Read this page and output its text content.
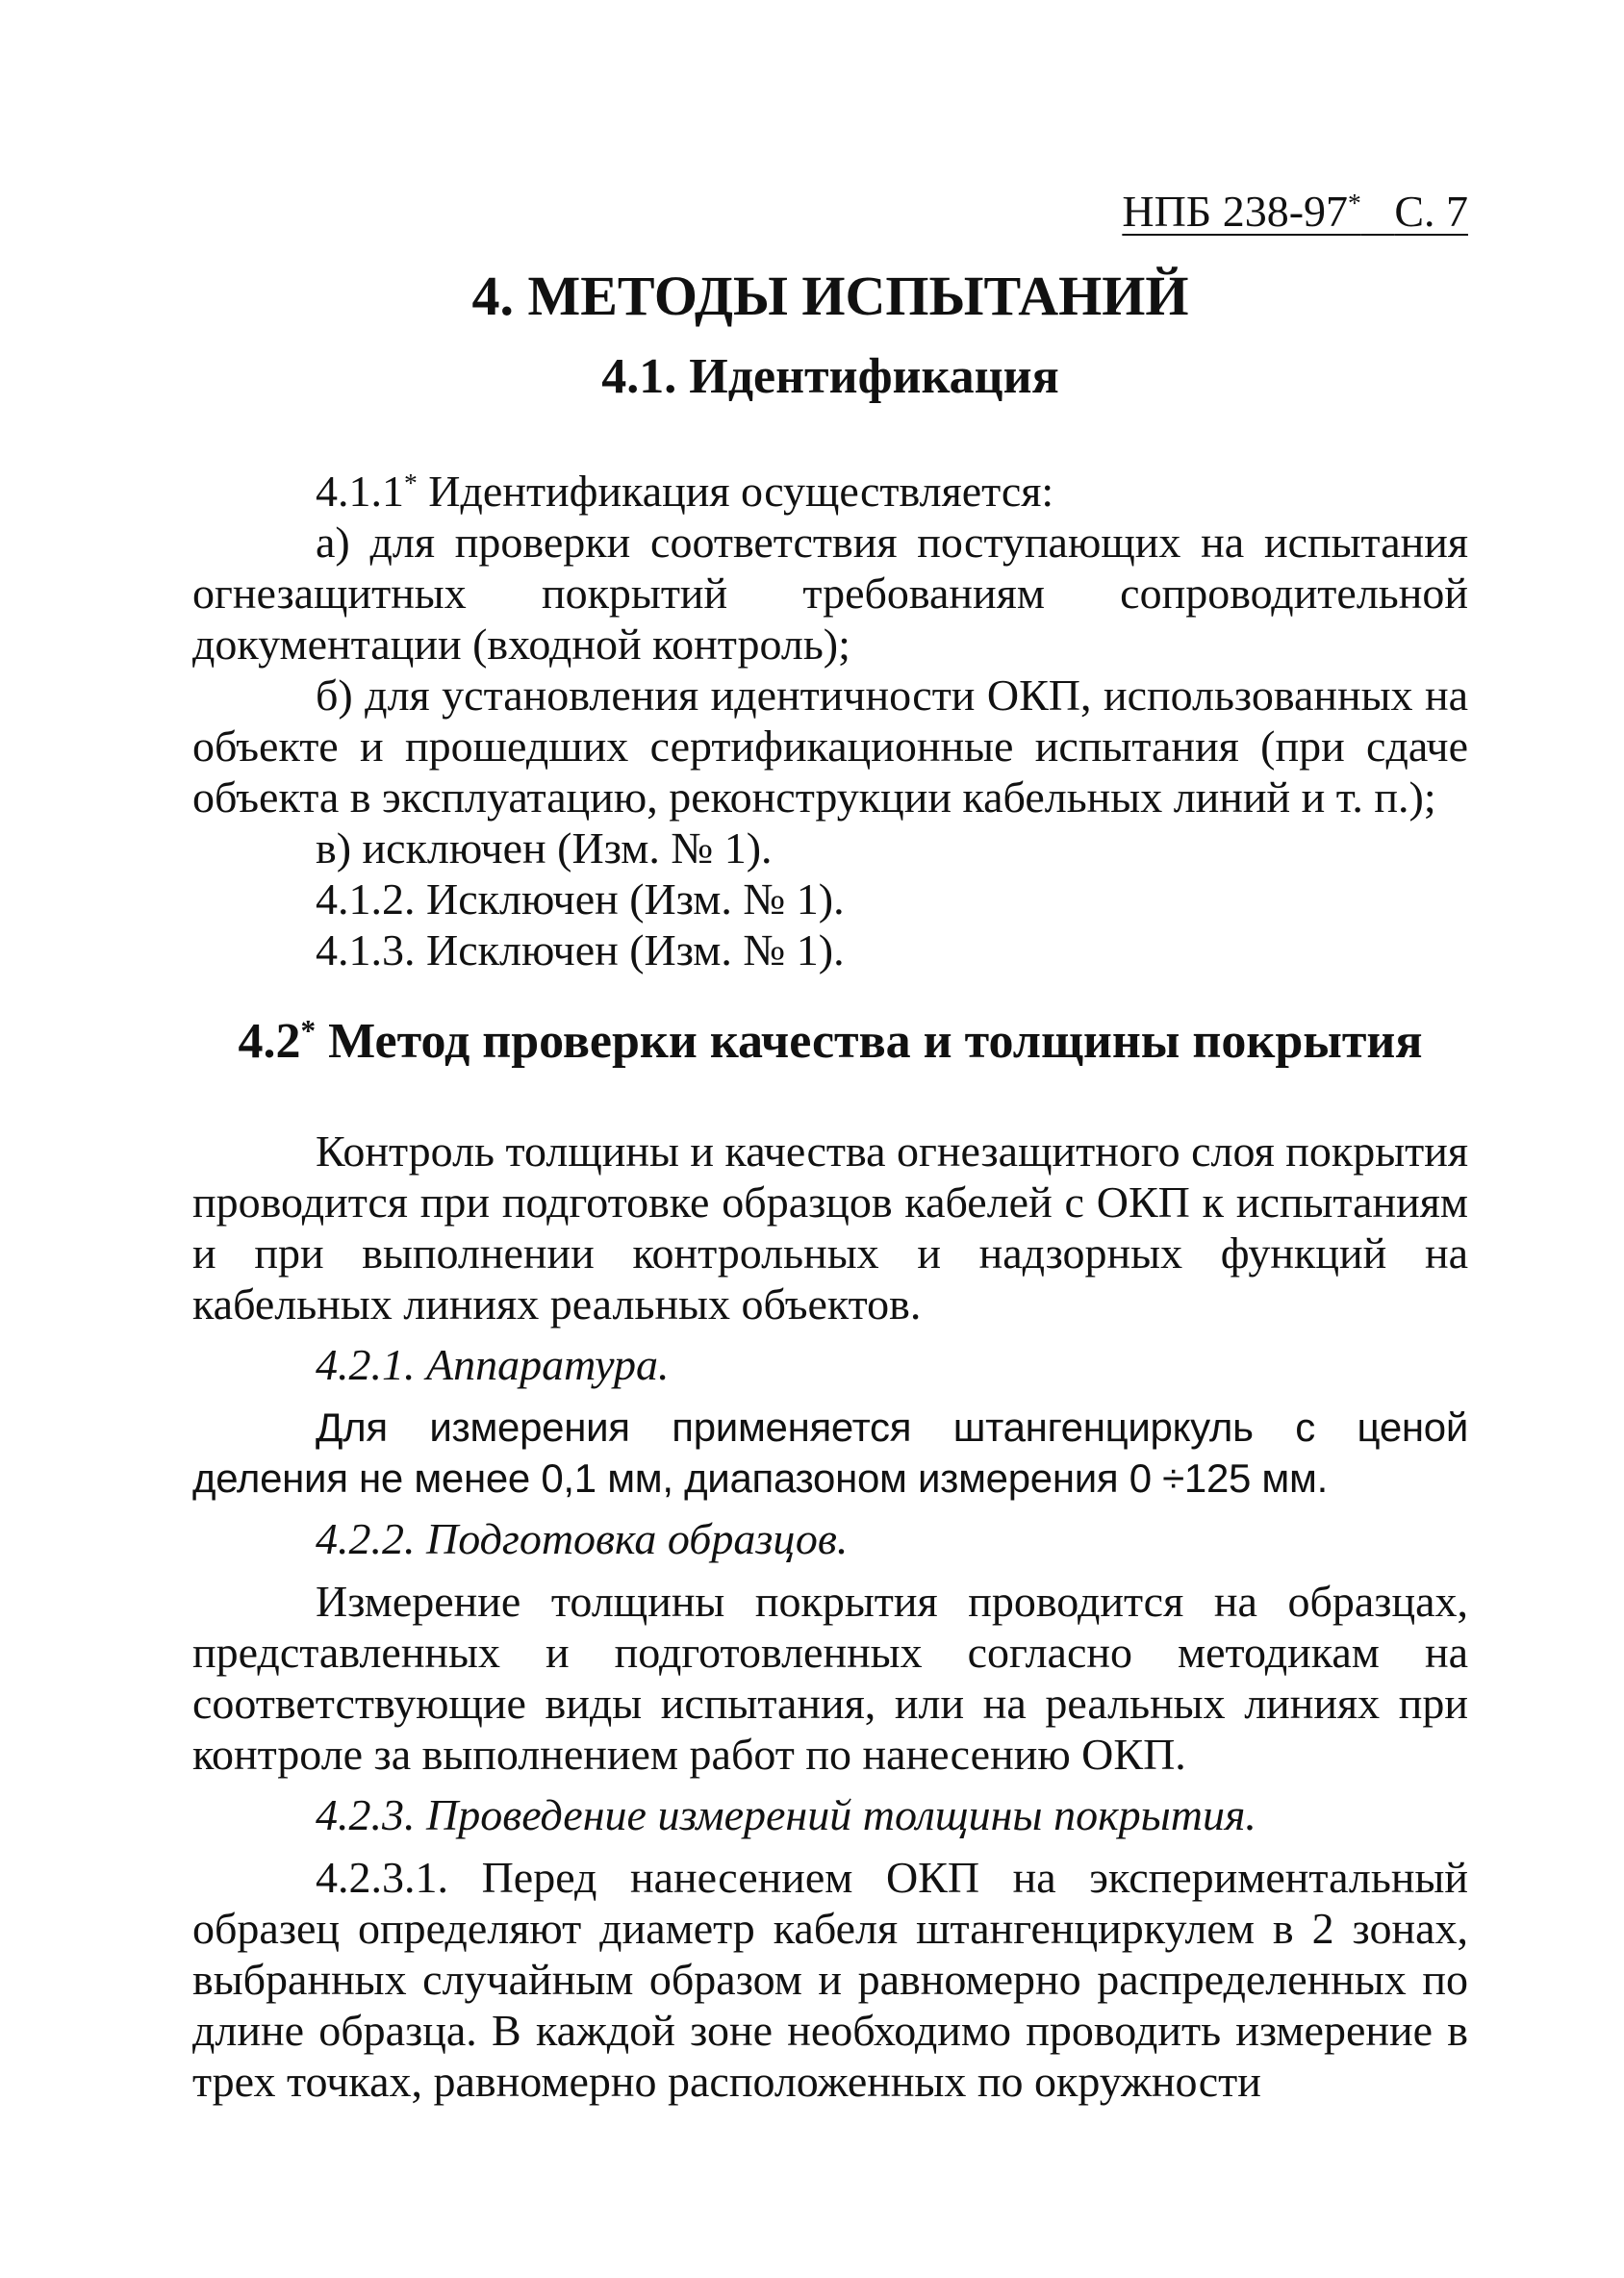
НПБ 238-97* С. 7
4. МЕТОДЫ ИСПЫТАНИЙ
4.1. Идентификация

4.1.1* Идентификация осуществляется:

а) для проверки соответствия поступающих на испытания огнезащитных покрытий требованиям сопроводительной документации (входной контроль);

б) для установления идентичности ОКП, использованных на объекте и прошедших сертификационные испытания (при сдаче объекта в эксплуатацию, реконструкции кабельных линий и т. п.);

в) исключен (Изм. № 1).

4.1.2. Исключен (Изм. № 1).

4.1.3. Исключен (Изм. № 1).

4.2* Метод проверки качества и толщины покрытия

Контроль толщины и качества огнезащитного слоя покрытия проводится при подготовке образцов кабелей с ОКП к испытаниям и при выполнении контрольных и надзорных функций на кабельных линиях реальных объектов.

4.2.1. Аппаратура.

Для измерения применяется штангенциркуль с ценой деления не менее 0,1 мм, диапазоном измерения 0 ÷125 мм.

4.2.2. Подготовка образцов.

Измерение толщины покрытия проводится на образцах, представленных и подготовленных согласно методикам на соответствующие виды испытания, или на реальных линиях при контроле за выполнением работ по нанесению ОКП.

4.2.3. Проведение измерений толщины покрытия.

4.2.3.1. Перед нанесением ОКП на экспериментальный образец определяют диаметр кабеля штангенциркулем в 2 зонах, выбранных случайным образом и равномерно распределенных по длине образца. В каждой зоне необходимо проводить измерение в трех точках, равномерно расположенных по окружности
